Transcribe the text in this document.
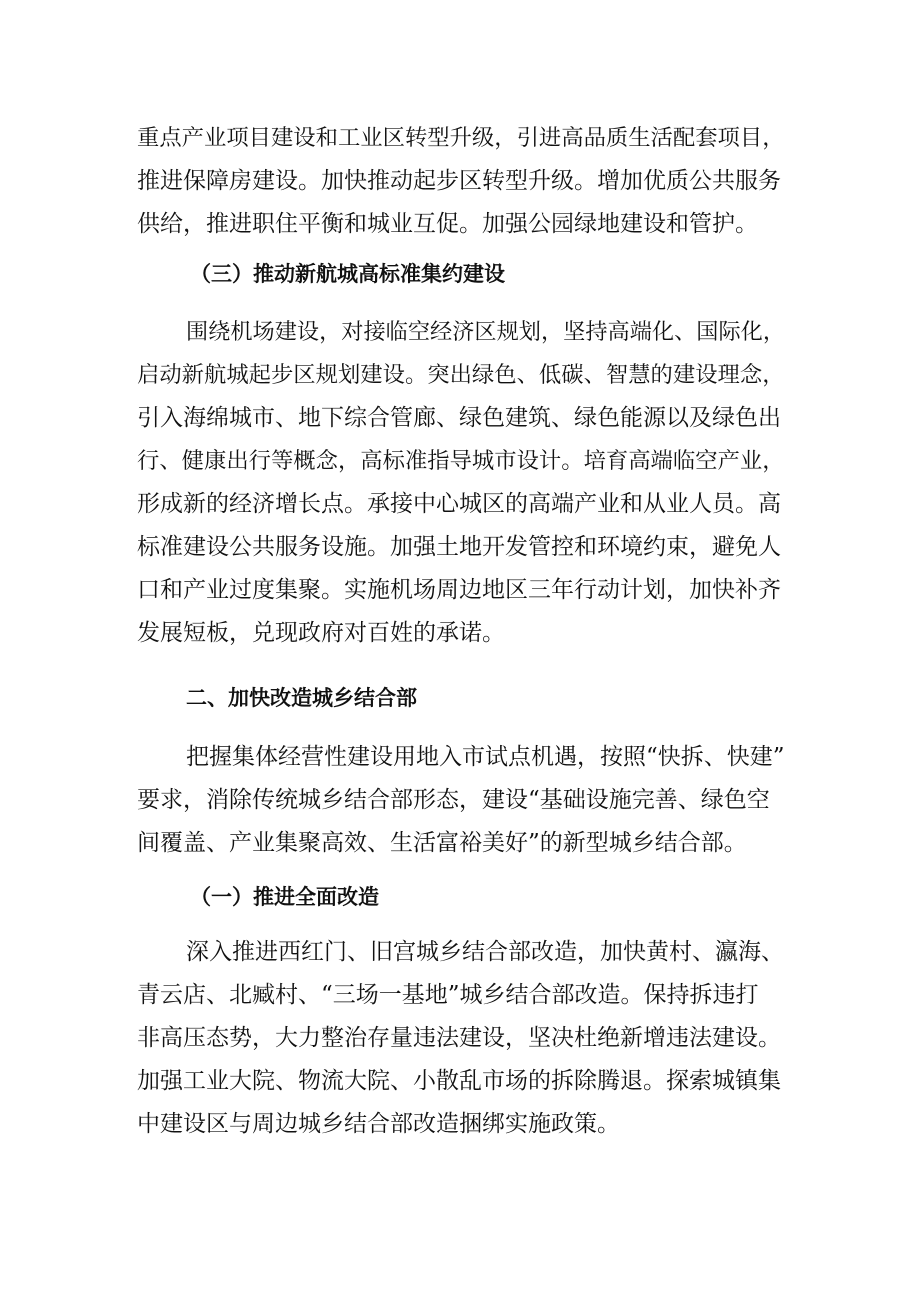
重点产业项目建设和工业区转型升级，引进高品质生活配套项目，

推进保障房建设。加快推动起步区转型升级。增加优质公共服务

供给，推进职住平衡和城业互促。加强公园绿地建设和管护。

（三）推动新航城高标准集约建设

围绕机场建设，对接临空经济区规划，坚持高端化、国际化，

启动新航城起步区规划建设。突出绿色、低碳、智慧的建设理念，

引入海绵城市、地下综合管廊、绿色建筑、绿色能源以及绿色出

行、健康出行等概念，高标准指导城市设计。培育高端临空产业，

形成新的经济增长点。承接中心城区的高端产业和从业人员。高

标准建设公共服务设施。加强土地开发管控和环境约束，避免人

口和产业过度集聚。实施机场周边地区三年行动计划，加快补齐

发展短板，兑现政府对百姓的承诺。

二、加快改造城乡结合部

把握集体经营性建设用地入市试点机遇，按照“快拆、快建”

要求，消除传统城乡结合部形态，建设“基础设施完善、绿色空

间覆盖、产业集聚高效、生活富裕美好”的新型城乡结合部。

（一）推进全面改造

深入推进西红门、旧宫城乡结合部改造，加快黄村、瀛海、

青云店、北臧村、“三场一基地”城乡结合部改造。保持拆违打

非高压态势，大力整治存量违法建设，坚决杜绝新增违法建设。

加强工业大院、物流大院、小散乱市场的拆除腾退。探索城镇集

中建设区与周边城乡结合部改造捆绑实施政策。
